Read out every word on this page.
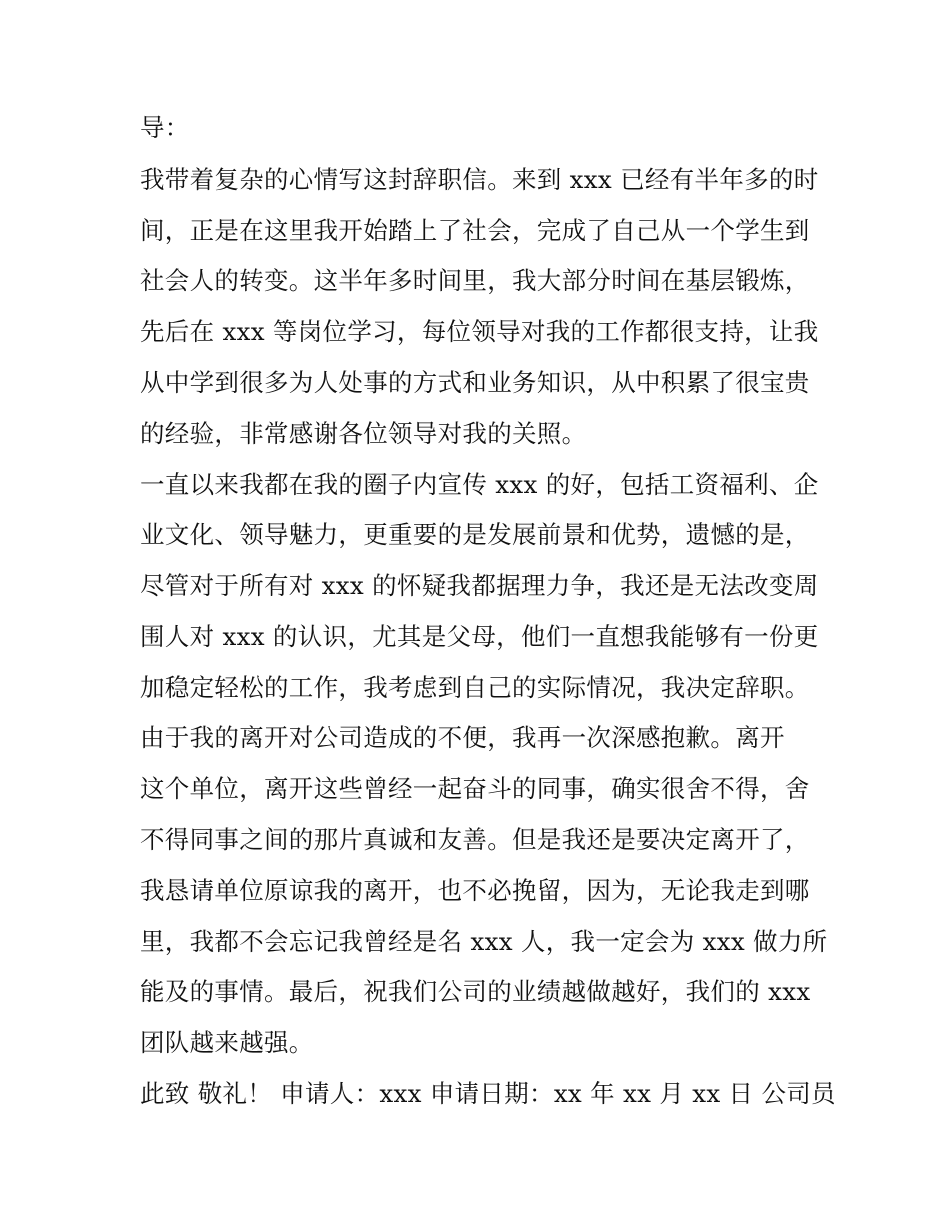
导：
我带着复杂的心情写这封辞职信。来到 xxx 已经有半年多的时
间，正是在这里我开始踏上了社会，完成了自己从一个学生到
社会人的转变。这半年多时间里，我大部分时间在基层锻炼，
先后在 xxx 等岗位学习，每位领导对我的工作都很支持，让我
从中学到很多为人处事的方式和业务知识，从中积累了很宝贵
的经验，非常感谢各位领导对我的关照。
一直以来我都在我的圈子内宣传 xxx 的好，包括工资福利、企
业文化、领导魅力，更重要的是发展前景和优势，遗憾的是，
尽管对于所有对 xxx 的怀疑我都据理力争，我还是无法改变周
围人对 xxx 的认识，尤其是父母，他们一直想我能够有一份更
加稳定轻松的工作，我考虑到自己的实际情况，我决定辞职。
由于我的离开对公司造成的不便，我再一次深感抱歉。离开
这个单位，离开这些曾经一起奋斗的同事，确实很舍不得，舍
不得同事之间的那片真诚和友善。但是我还是要决定离开了，
我恳请单位原谅我的离开，也不必挽留，因为，无论我走到哪
里，我都不会忘记我曾经是名 xxx 人，我一定会为 xxx 做力所
能及的事情。最后，祝我们公司的业绩越做越好，我们的 xxx
团队越来越强。
此致 敬礼！ 申请人：xxx 申请日期：xx 年 xx 月 xx 日 公司员
